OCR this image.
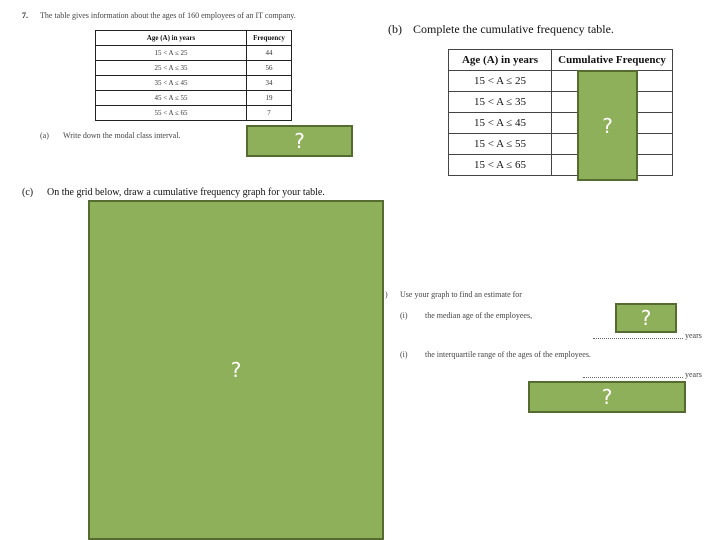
7. The table gives information about the ages of 160 employees of an IT company.
Age (A) in years	Frequency
15 < A ≤ 25	44
25 < A ≤ 35	56
35 < A ≤ 45	34
45 < A ≤ 55	19
55 < A ≤ 65	7
(a) Write down the modal class interval.	?
(b) Complete the cumulative frequency table.
Age (A) in years	Cumulative Frequency
15 < A ≤ 25	
15 < A ≤ 35	
15 < A ≤ 45	
15 < A ≤ 55	
15 < A ≤ 65	
?
(c) On the grid below, draw a cumulative frequency graph for your table.
?
) Use your graph to find an estimate for
(i) the median age of the employees,
years
?
(i) the interquartile range of the ages of the employees.
years
?
